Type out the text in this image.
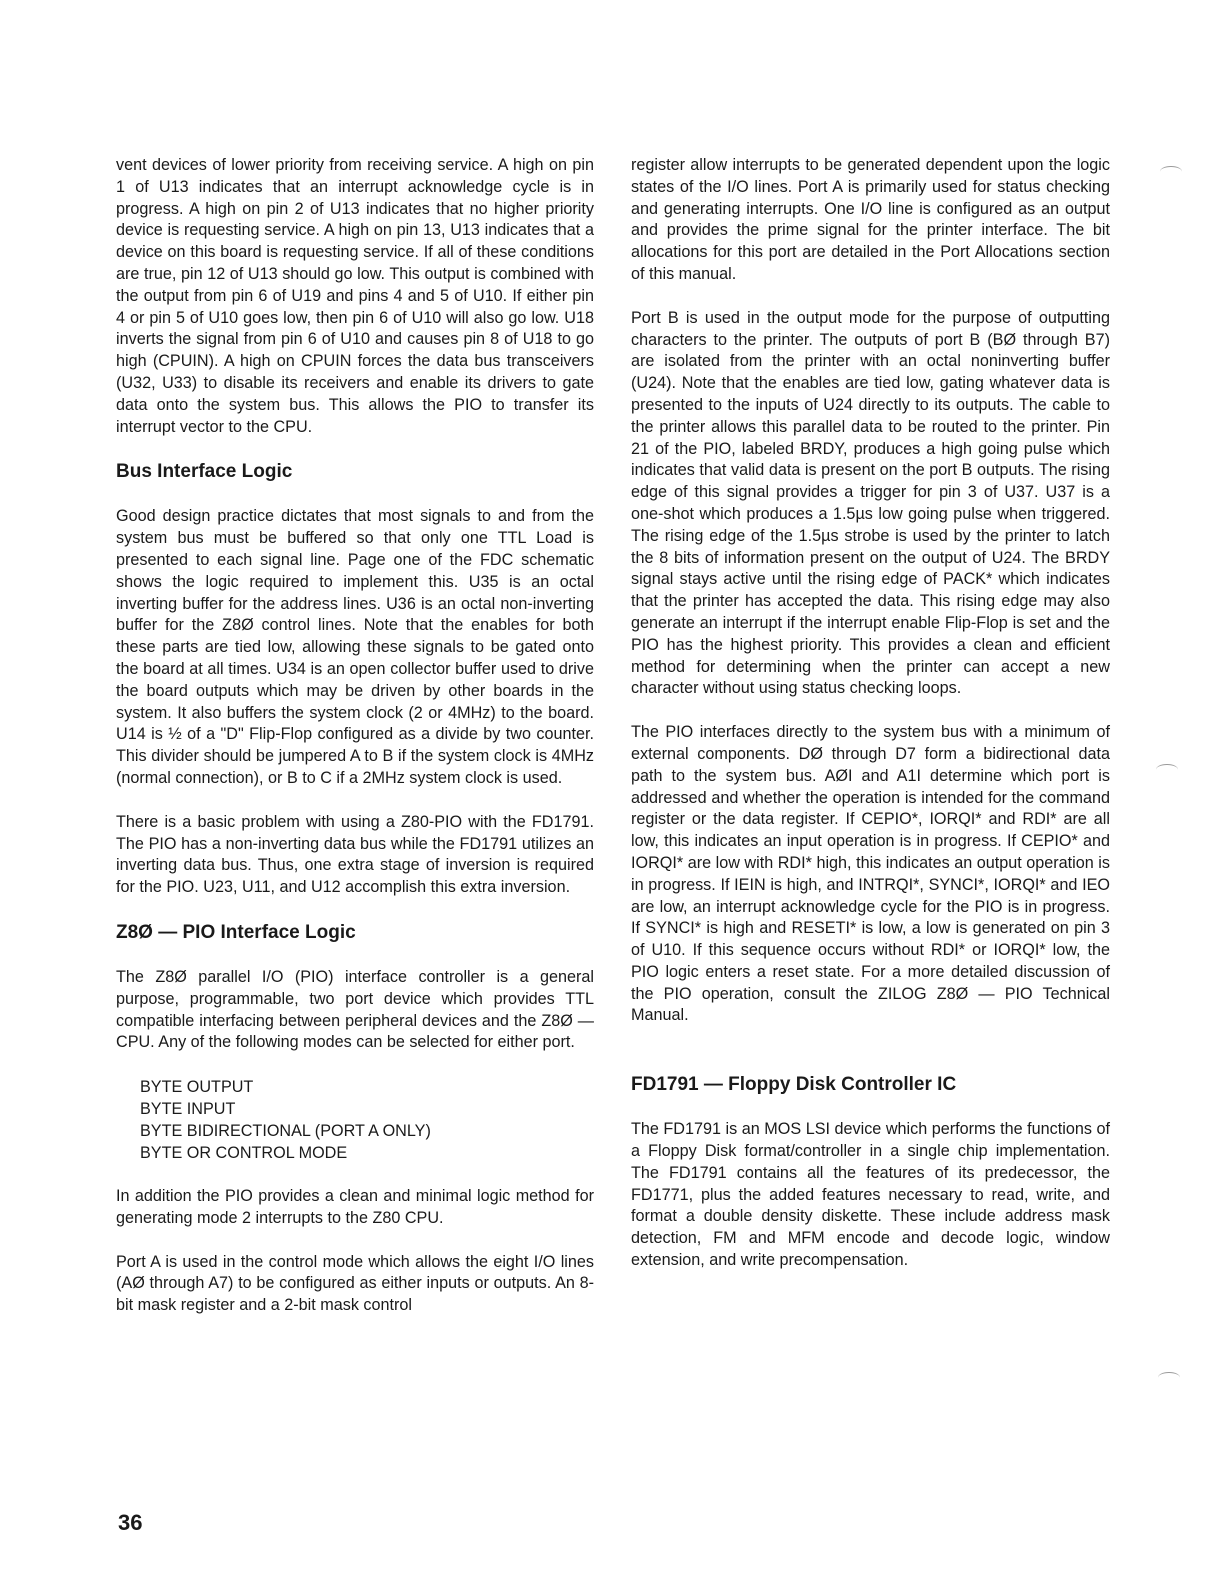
vent devices of lower priority from receiving service. A high on pin 1 of U13 indicates that an interrupt acknowledge cycle is in progress. A high on pin 2 of U13 indicates that no higher priority device is requesting service. A high on pin 13, U13 indicates that a device on this board is requesting service. If all of these conditions are true, pin 12 of U13 should go low. This output is combined with the output from pin 6 of U19 and pins 4 and 5 of U10. If either pin 4 or pin 5 of U10 goes low, then pin 6 of U10 will also go low. U18 inverts the signal from pin 6 of U10 and causes pin 8 of U18 to go high (CPUIN). A high on CPUIN forces the data bus transceivers (U32, U33) to disable its receivers and enable its drivers to gate data onto the system bus. This allows the PIO to transfer its interrupt vector to the CPU.

Bus Interface Logic

Good design practice dictates that most signals to and from the system bus must be buffered so that only one TTL Load is presented to each signal line. Page one of the FDC schematic shows the logic required to implement this. U35 is an octal inverting buffer for the address lines. U36 is an octal non-inverting buffer for the Z8Ø control lines. Note that the enables for both these parts are tied low, allowing these signals to be gated onto the board at all times. U34 is an open collector buffer used to drive the board outputs which may be driven by other boards in the system. It also buffers the system clock (2 or 4MHz) to the board. U14 is ½ of a "D" Flip-Flop configured as a divide by two counter. This divider should be jumpered A to B if the system clock is 4MHz (normal connection), or B to C if a 2MHz system clock is used.

There is a basic problem with using a Z80-PIO with the FD1791. The PIO has a non-inverting data bus while the FD1791 utilizes an inverting data bus. Thus, one extra stage of inversion is required for the PIO. U23, U11, and U12 accomplish this extra inversion.

Z8Ø — PIO Interface Logic

The Z8Ø parallel I/O (PIO) interface controller is a general purpose, programmable, two port device which provides TTL compatible interfacing between peripheral devices and the Z8Ø —CPU. Any of the following modes can be selected for either port.

BYTE OUTPUT
BYTE INPUT
BYTE BIDIRECTIONAL (PORT A ONLY)
BYTE OR CONTROL MODE

In addition the PIO provides a clean and minimal logic method for generating mode 2 interrupts to the Z80 CPU.

Port A is used in the control mode which allows the eight I/O lines (AØ through A7) to be configured as either inputs or outputs. An 8-bit mask register and a 2-bit mask control

register allow interrupts to be generated dependent upon the logic states of the I/O lines. Port A is primarily used for status checking and generating interrupts. One I/O line is configured as an output and provides the prime signal for the printer interface. The bit allocations for this port are detailed in the Port Allocations section of this manual.

Port B is used in the output mode for the purpose of outputting characters to the printer. The outputs of port B (BØ through B7) are isolated from the printer with an octal noninverting buffer (U24). Note that the enables are tied low, gating whatever data is presented to the inputs of U24 directly to its outputs. The cable to the printer allows this parallel data to be routed to the printer. Pin 21 of the PIO, labeled BRDY, produces a high going pulse which indicates that valid data is present on the port B outputs. The rising edge of this signal provides a trigger for pin 3 of U37. U37 is a one-shot which produces a 1.5µs low going pulse when triggered. The rising edge of the 1.5µs strobe is used by the printer to latch the 8 bits of information present on the output of U24. The BRDY signal stays active until the rising edge of PACK* which indicates that the printer has accepted the data. This rising edge may also generate an interrupt if the interrupt enable Flip-Flop is set and the PIO has the highest priority. This provides a clean and efficient method for determining when the printer can accept a new character without using status checking loops.

The PIO interfaces directly to the system bus with a minimum of external components. DØ through D7 form a bidirectional data path to the system bus. AØI and A1I determine which port is addressed and whether the operation is intended for the command register or the data register. If CEPIO*, IORQI* and RDI* are all low, this indicates an input operation is in progress. If CEPIO* and IORQI* are low with RDI* high, this indicates an output operation is in progress. If IEIN is high, and INTRQI*, SYNCI*, IORQI* and IEO are low, an interrupt acknowledge cycle for the PIO is in progress. If SYNCI* is high and RESETI* is low, a low is generated on pin 3 of U10. If this sequence occurs without RDI* or IORQI* low, the PIO logic enters a reset state. For a more detailed discussion of the PIO operation, consult the ZILOG Z8Ø — PIO Technical Manual.

FD1791 — Floppy Disk Controller IC

The FD1791 is an MOS LSI device which performs the functions of a Floppy Disk format/controller in a single chip implementation. The FD1791 contains all the features of its predecessor, the FD1771, plus the added features necessary to read, write, and format a double density diskette. These include address mask detection, FM and MFM encode and decode logic, window extension, and write precompensation.

36
